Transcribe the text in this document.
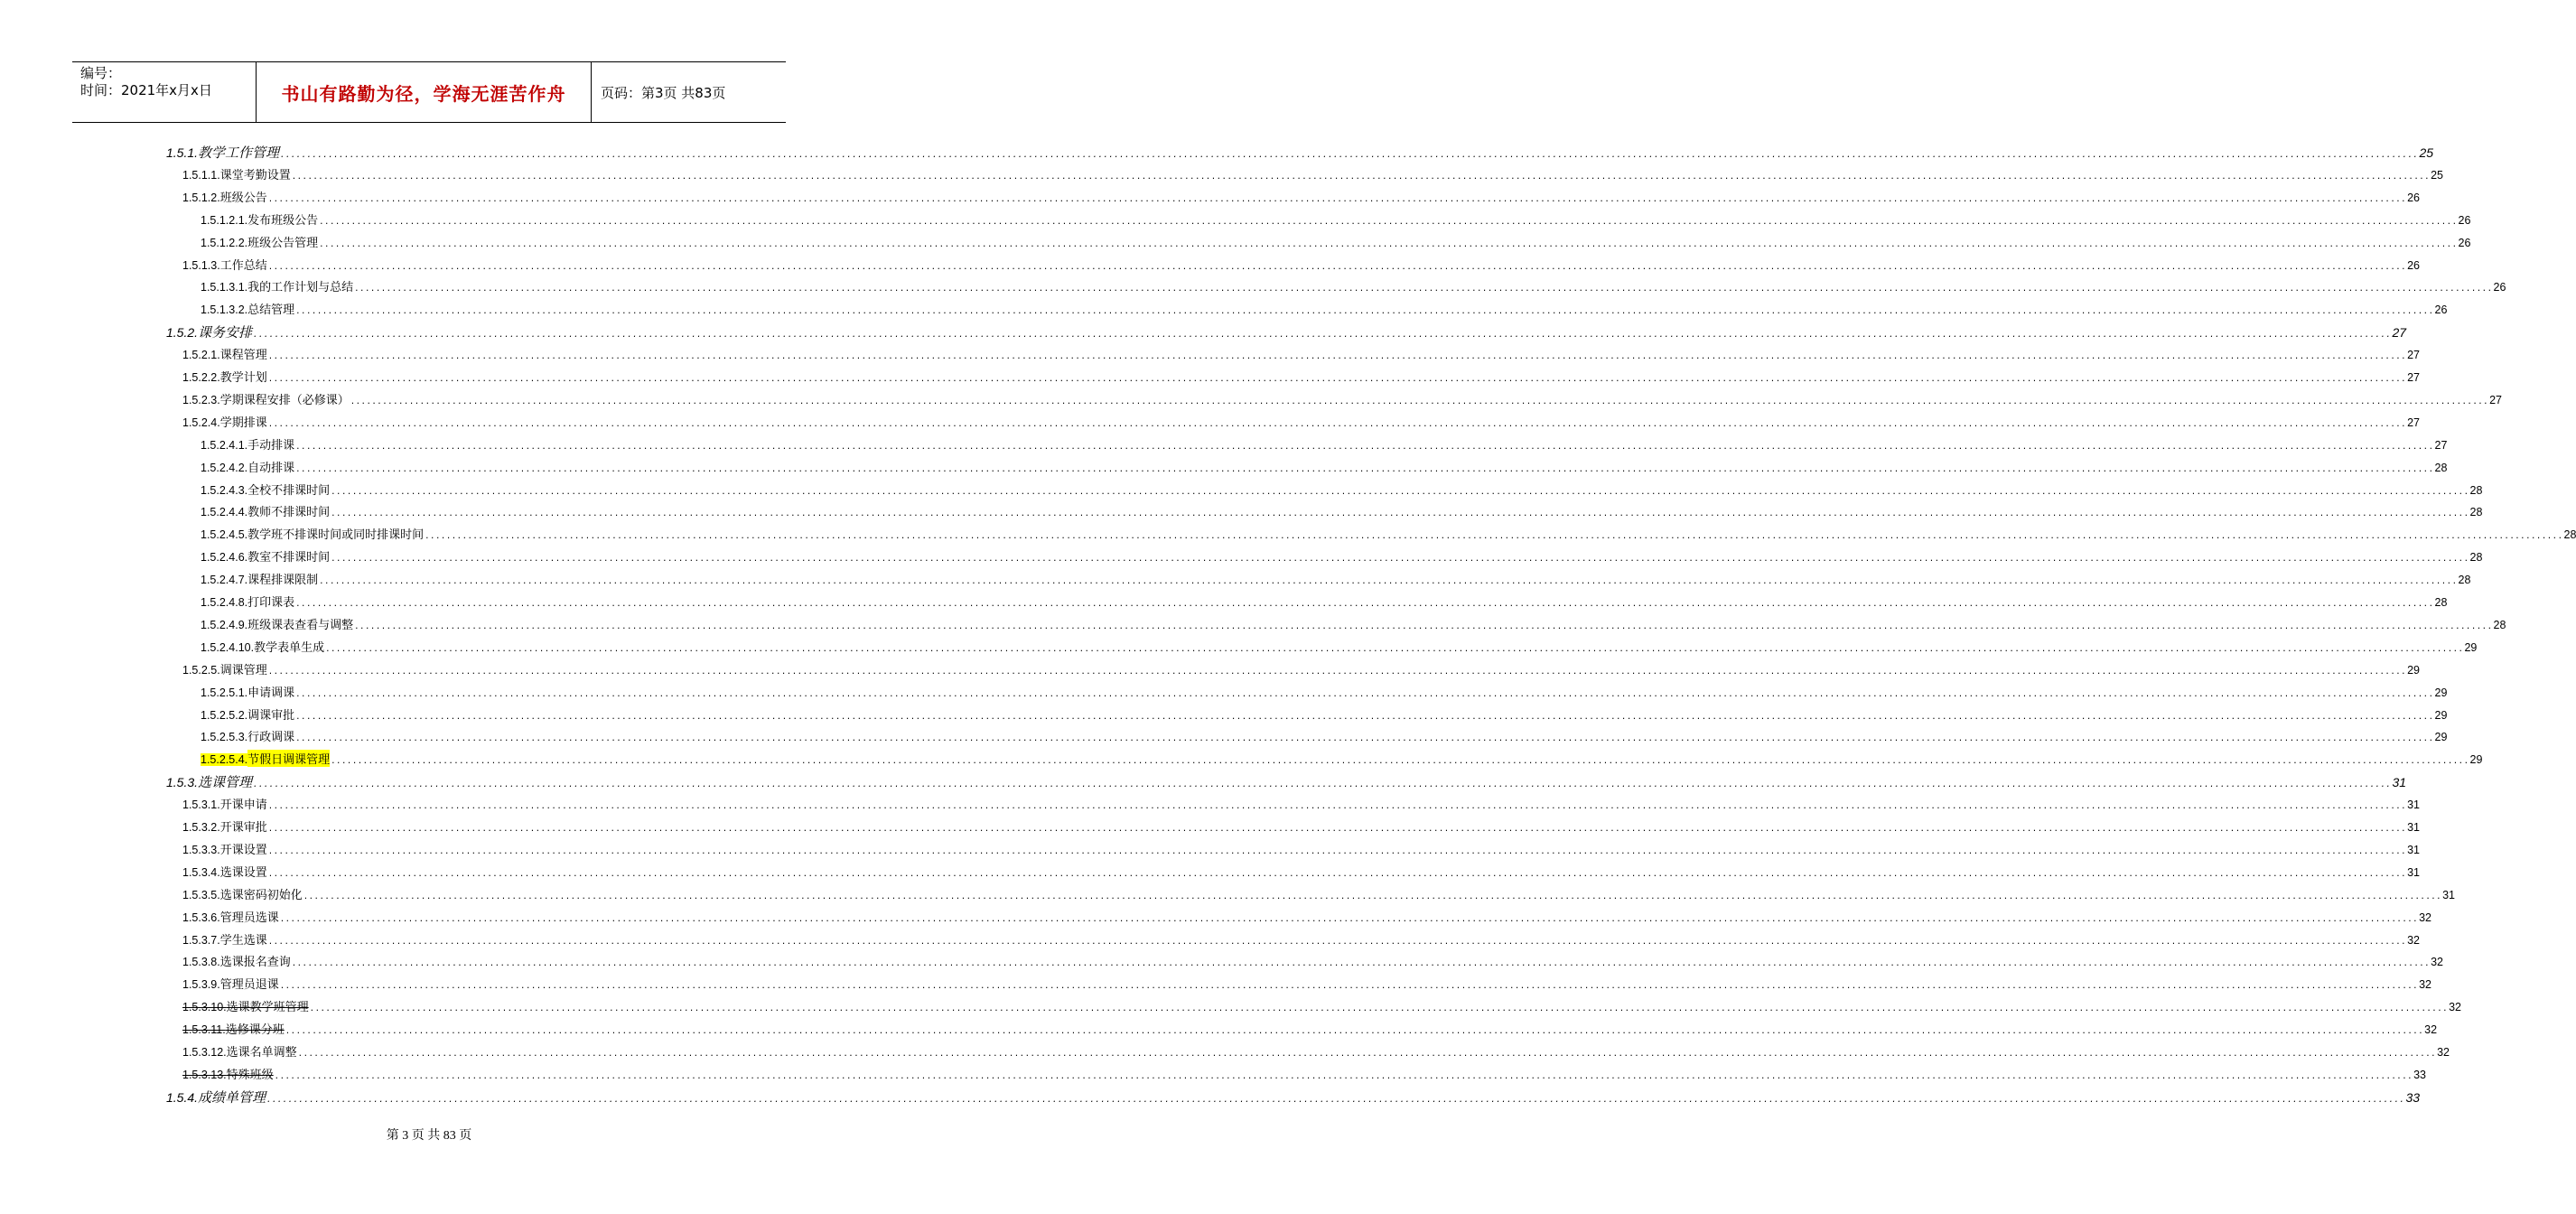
编号：
时间：2021年x月x日	书山有路勤为径，学海无涯苦作舟	页码：第3页 共83页
1.5.1. 教学工作管理 ................................................................................................................................................................................................................................................................................................................................................................................................................ 25
1.5.1.1. 课堂考勤设置 ................................................................................................................................................................................................................................................................................................................................................................................................................ 25
1.5.1.2. 班级公告 ................................................................................................................................................................................................................................................................................................................................................................................................................ 26
1.5.1.2.1. 发布班级公告 ................................................................................................................................................................................................................................................................................................................................................................................................................ 26
1.5.1.2.2. 班级公告管理 ................................................................................................................................................................................................................................................................................................................................................................................................................ 26
1.5.1.3. 工作总结 ................................................................................................................................................................................................................................................................................................................................................................................................................ 26
1.5.1.3.1. 我的工作计划与总结 ................................................................................................................................................................................................................................................................................................................................................................................................................ 26
1.5.1.3.2. 总结管理 ................................................................................................................................................................................................................................................................................................................................................................................................................ 26
1.5.2. 课务安排 ................................................................................................................................................................................................................................................................................................................................................................................................................ 27
1.5.2.1. 课程管理 ................................................................................................................................................................................................................................................................................................................................................................................................................ 27
1.5.2.2. 教学计划 ................................................................................................................................................................................................................................................................................................................................................................................................................ 27
1.5.2.3. 学期课程安排（必修课） ................................................................................................................................................................................................................................................................................................................................................................................................................ 27
1.5.2.4. 学期排课 ................................................................................................................................................................................................................................................................................................................................................................................................................ 27
1.5.2.4.1. 手动排课 ................................................................................................................................................................................................................................................................................................................................................................................................................ 27
1.5.2.4.2. 自动排课 ................................................................................................................................................................................................................................................................................................................................................................................................................ 28
1.5.2.4.3. 全校不排课时间 ................................................................................................................................................................................................................................................................................................................................................................................................................ 28
1.5.2.4.4. 教师不排课时间 ................................................................................................................................................................................................................................................................................................................................................................................................................ 28
1.5.2.4.5. 教学班不排课时间或同时排课时间 ................................................................................................................................................................................................................................................................................................................................................................................................................ 28
1.5.2.4.6. 教室不排课时间 ................................................................................................................................................................................................................................................................................................................................................................................................................ 28
1.5.2.4.7. 课程排课限制 ................................................................................................................................................................................................................................................................................................................................................................................................................ 28
1.5.2.4.8. 打印课表 ................................................................................................................................................................................................................................................................................................................................................................................................................ 28
1.5.2.4.9. 班级课表查看与调整 ................................................................................................................................................................................................................................................................................................................................................................................................................ 28
1.5.2.4.10. 教学表单生成 ................................................................................................................................................................................................................................................................................................................................................................................................................ 29
1.5.2.5. 调课管理 ................................................................................................................................................................................................................................................................................................................................................................................................................ 29
1.5.2.5.1. 申请调课 ................................................................................................................................................................................................................................................................................................................................................................................................................ 29
1.5.2.5.2. 调课审批 ................................................................................................................................................................................................................................................................................................................................................................................................................ 29
1.5.2.5.3. 行政调课 ................................................................................................................................................................................................................................................................................................................................................................................................................ 29
1.5.2.5.4. 节假日调课管理 ................................................................................................................................................................................................................................................................................................................................................................................................................ 29
1.5.3. 选课管理 ................................................................................................................................................................................................................................................................................................................................................................................................................ 31
1.5.3.1. 开课申请 ................................................................................................................................................................................................................................................................................................................................................................................................................ 31
1.5.3.2. 开课审批 ................................................................................................................................................................................................................................................................................................................................................................................................................ 31
1.5.3.3. 开课设置 ................................................................................................................................................................................................................................................................................................................................................................................................................ 31
1.5.3.4. 选课设置 ................................................................................................................................................................................................................................................................................................................................................................................................................ 31
1.5.3.5. 选课密码初始化 ................................................................................................................................................................................................................................................................................................................................................................................................................ 31
1.5.3.6. 管理员选课 ................................................................................................................................................................................................................................................................................................................................................................................................................ 32
1.5.3.7. 学生选课 ................................................................................................................................................................................................................................................................................................................................................................................................................ 32
1.5.3.8. 选课报名查询 ................................................................................................................................................................................................................................................................................................................................................................................................................ 32
1.5.3.9. 管理员退课 ................................................................................................................................................................................................................................................................................................................................................................................................................ 32
1.5.3.10. 选课教学班管理 ................................................................................................................................................................................................................................................................................................................................................................................................................ 32
1.5.3.11. 选修课分班 ................................................................................................................................................................................................................................................................................................................................................................................................................ 32
1.5.3.12. 选课名单调整 ................................................................................................................................................................................................................................................................................................................................................................................................................ 32
1.5.3.13. 特殊班级 ................................................................................................................................................................................................................................................................................................................................................................................................................ 33
1.5.4. 成绩单管理 ................................................................................................................................................................................................................................................................................................................................................................................................................ 33
第 3 页 共 83 页
